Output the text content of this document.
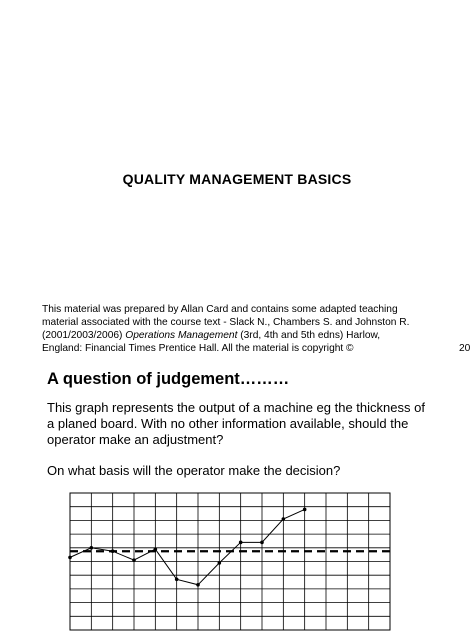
QUALITY MANAGEMENT BASICS
This material was prepared by Allan Card and contains some adapted teaching
material associated with the course text - Slack N., Chambers S. and Johnston R.
(2001/2003/2006) Operations Management (3rd, 4th and 5th edns) Harlow,
England: Financial Times Prentice Hall. All the material is copyright ©	20
A question of judgement………
This graph represents the output of a machine eg the thickness of
a planed board. With no other information available, should the
operator make an adjustment?
On what basis will the operator make the decision?
